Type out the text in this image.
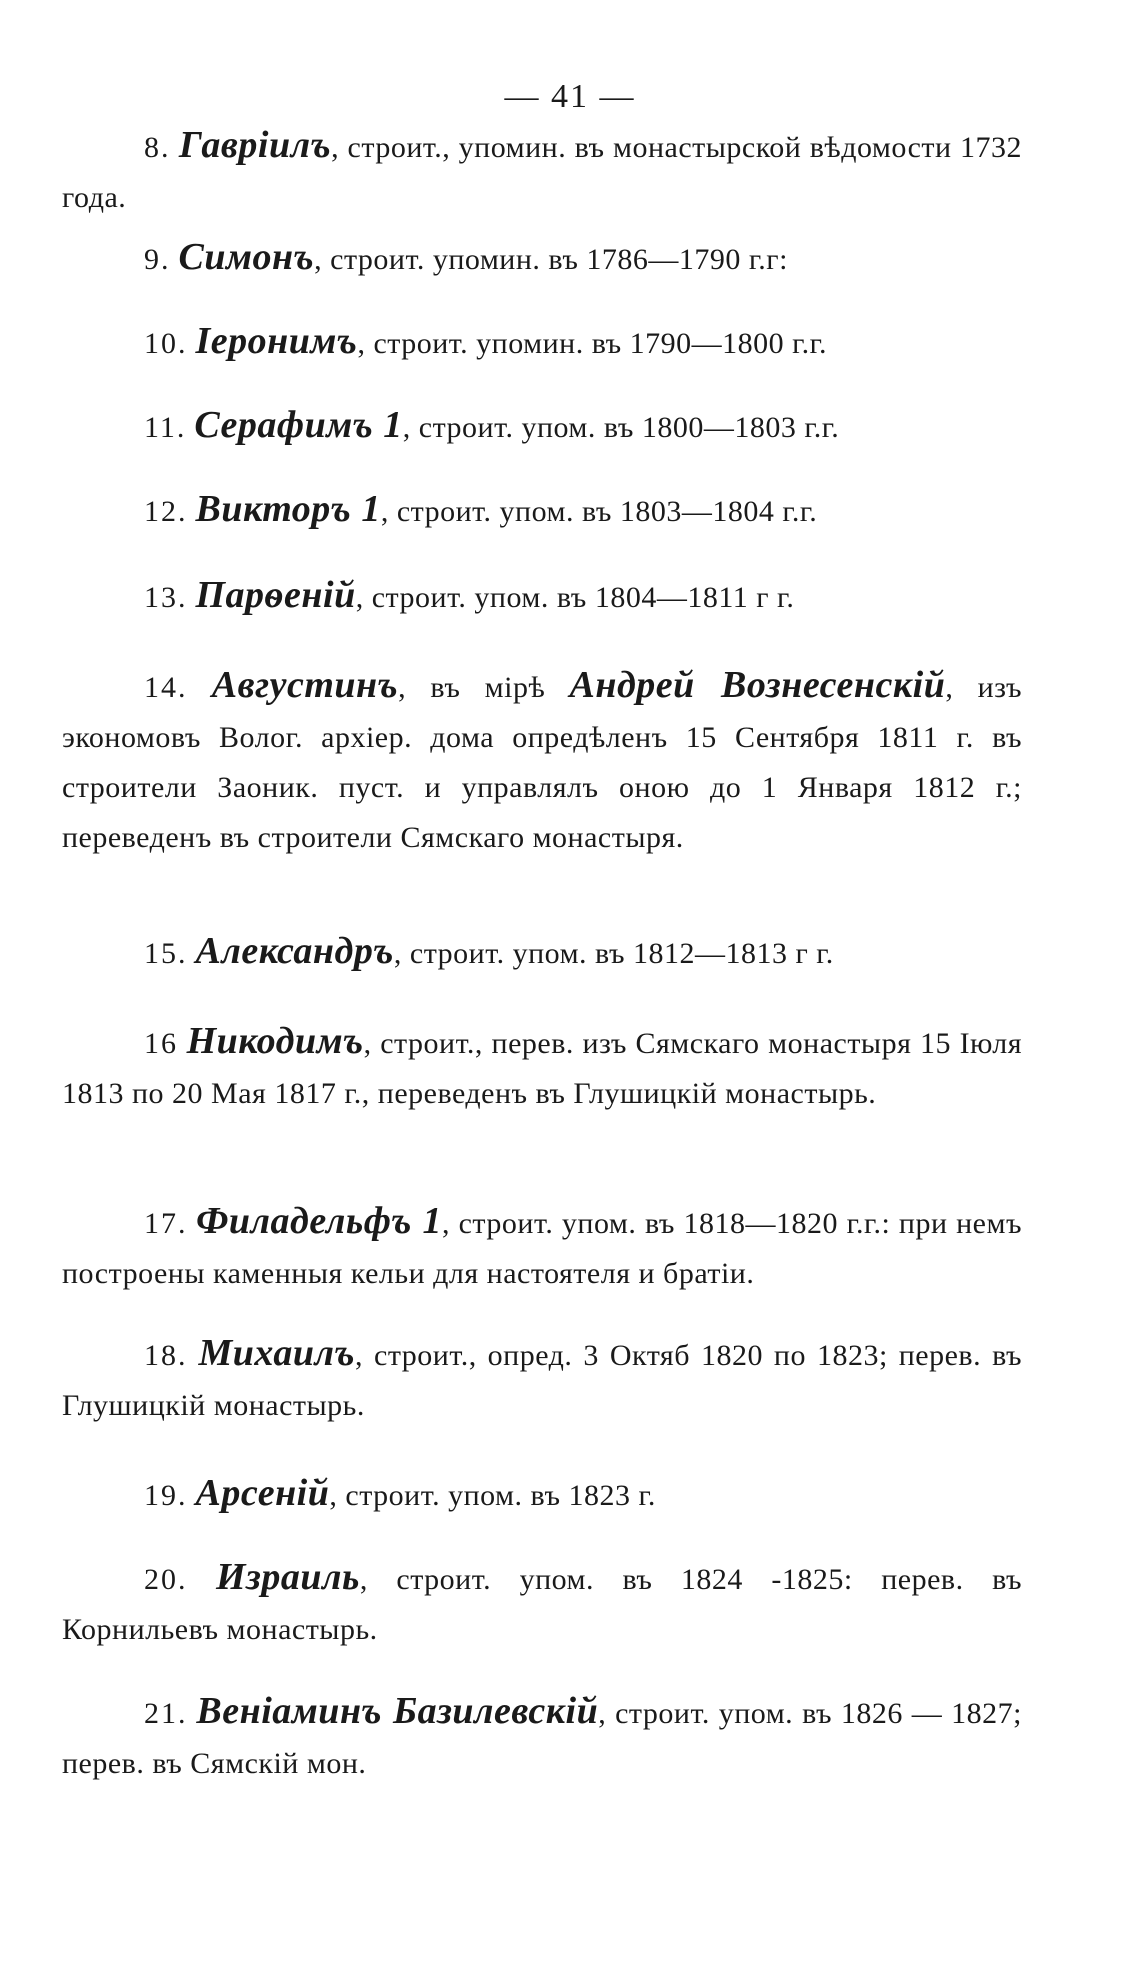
— 41 —
8. Гавріилъ, строит., упомин. въ монастырской вѣдомости 1732 года.
9. Симонъ, строит. упомин. въ 1786—1790 г.г:
10. Іеронимъ, строит. упомин. въ 1790—1800 г.г.
11. Серафимъ 1, строит. упом. въ 1800—1803 г.г.
12. Викторъ 1, строит. упом. въ 1803—1804 г.г.
13. Парѳеній, строит. упом. въ 1804—1811 г г.
14. Августинъ, въ мірѣ Андрей Вознесенскій, изъ экономовъ Волог. архіер. дома опредѣленъ 15 Сентября 1811 г. въ строители Заоник. пуст. и управлялъ оною до 1 Января 1812 г.; переведенъ въ строители Сямскаго монастыря.
15. Александръ, строит. упом. въ 1812—1813 г г.
16 Никодимъ, строит., перев. изъ Сямскаго монастыря 15 Іюля 1813 по 20 Мая 1817 г., переведенъ въ Глушицкій монастырь.
17. Филадельфъ 1, строит. упом. въ 1818—1820 г.г.: при немъ построены каменныя кельи для настоятеля и братіи.
18. Михаилъ, строит., опред. 3 Октяб 1820 по 1823; перев. въ Глушицкій монастырь.
19. Арсеній, строит. упом. въ 1823 г.
20. Израиль, строит. упом. въ 1824 -1825: перев. въ Корнильевъ монастырь.
21. Веніаминъ Базилевскій, строит. упом. въ 1826 — 1827; перев. въ Сямскій мон.
